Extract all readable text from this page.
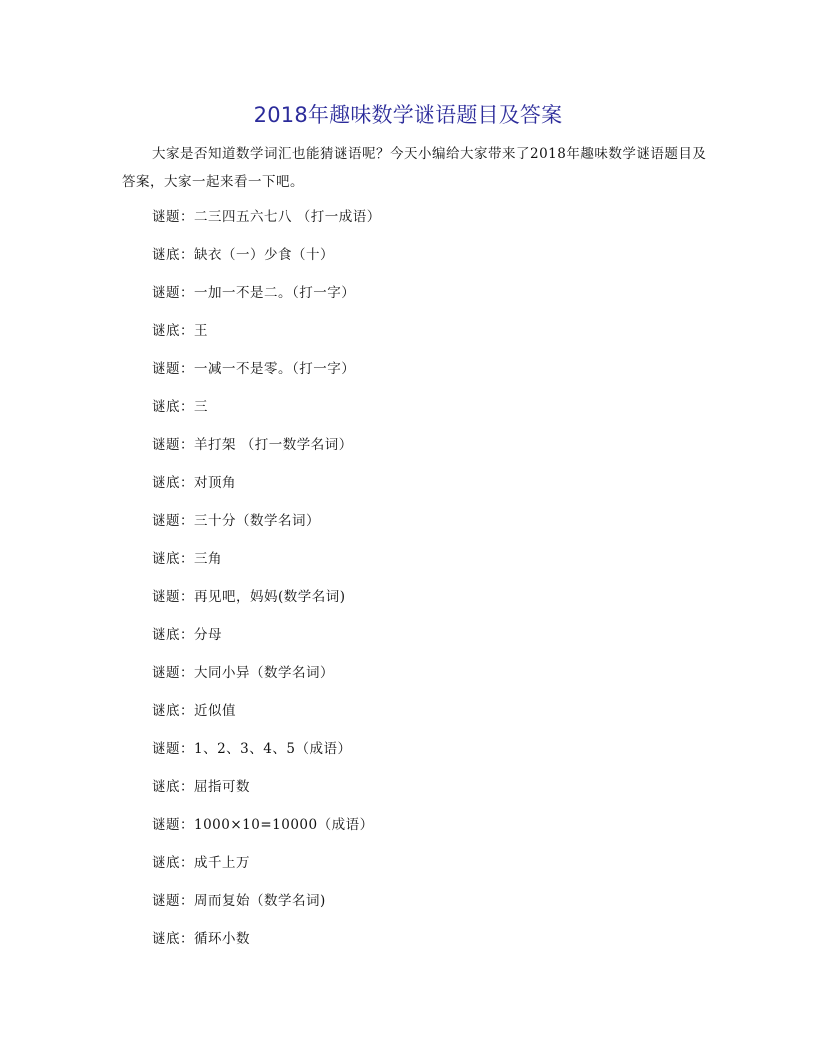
2018年趣味数学谜语题目及答案

大家是否知道数学词汇也能猜谜语呢？今天小编给大家带来了2018年趣味数学谜语题目及答案，大家一起来看一下吧。

谜题：二三四五六七八 （打一成语）
谜底：缺衣（一）少食（十）
谜题：一加一不是二。（打一字）
谜底：王
谜题：一减一不是零。（打一字）
谜底：三
谜题：羊打架 （打一数学名词）
谜底：对顶角
谜题：三十分（数学名词）
谜底：三角
谜题：再见吧，妈妈(数学名词)
谜底：分母
谜题：大同小异（数学名词）
谜底：近似值
谜题：1、2、3、4、5（成语）
谜底：屈指可数
谜题：1000×10=10000（成语）
谜底：成千上万
谜题：周而复始（数学名词)
谜底：循环小数
